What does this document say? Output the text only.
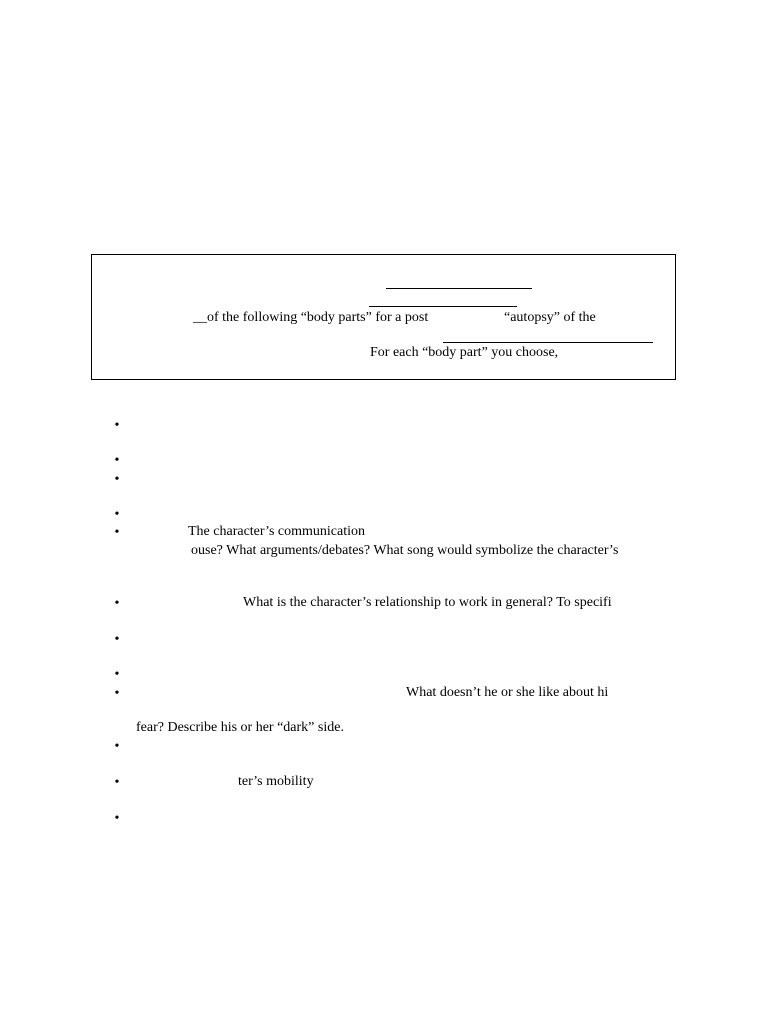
__ of the following “body parts” for a post	“autopsy” of the
For each “body part” you choose,
•
•
•
•
•
•
•
•
•
•
•
•
The character’s communication
ouse? What arguments/debates? What song would symbolize the character’s
What is the character’s relationship to work in general? To specifi
What doesn’t he or she like about hi
fear? Describe his or her “dark” side.
ter’s mobility
